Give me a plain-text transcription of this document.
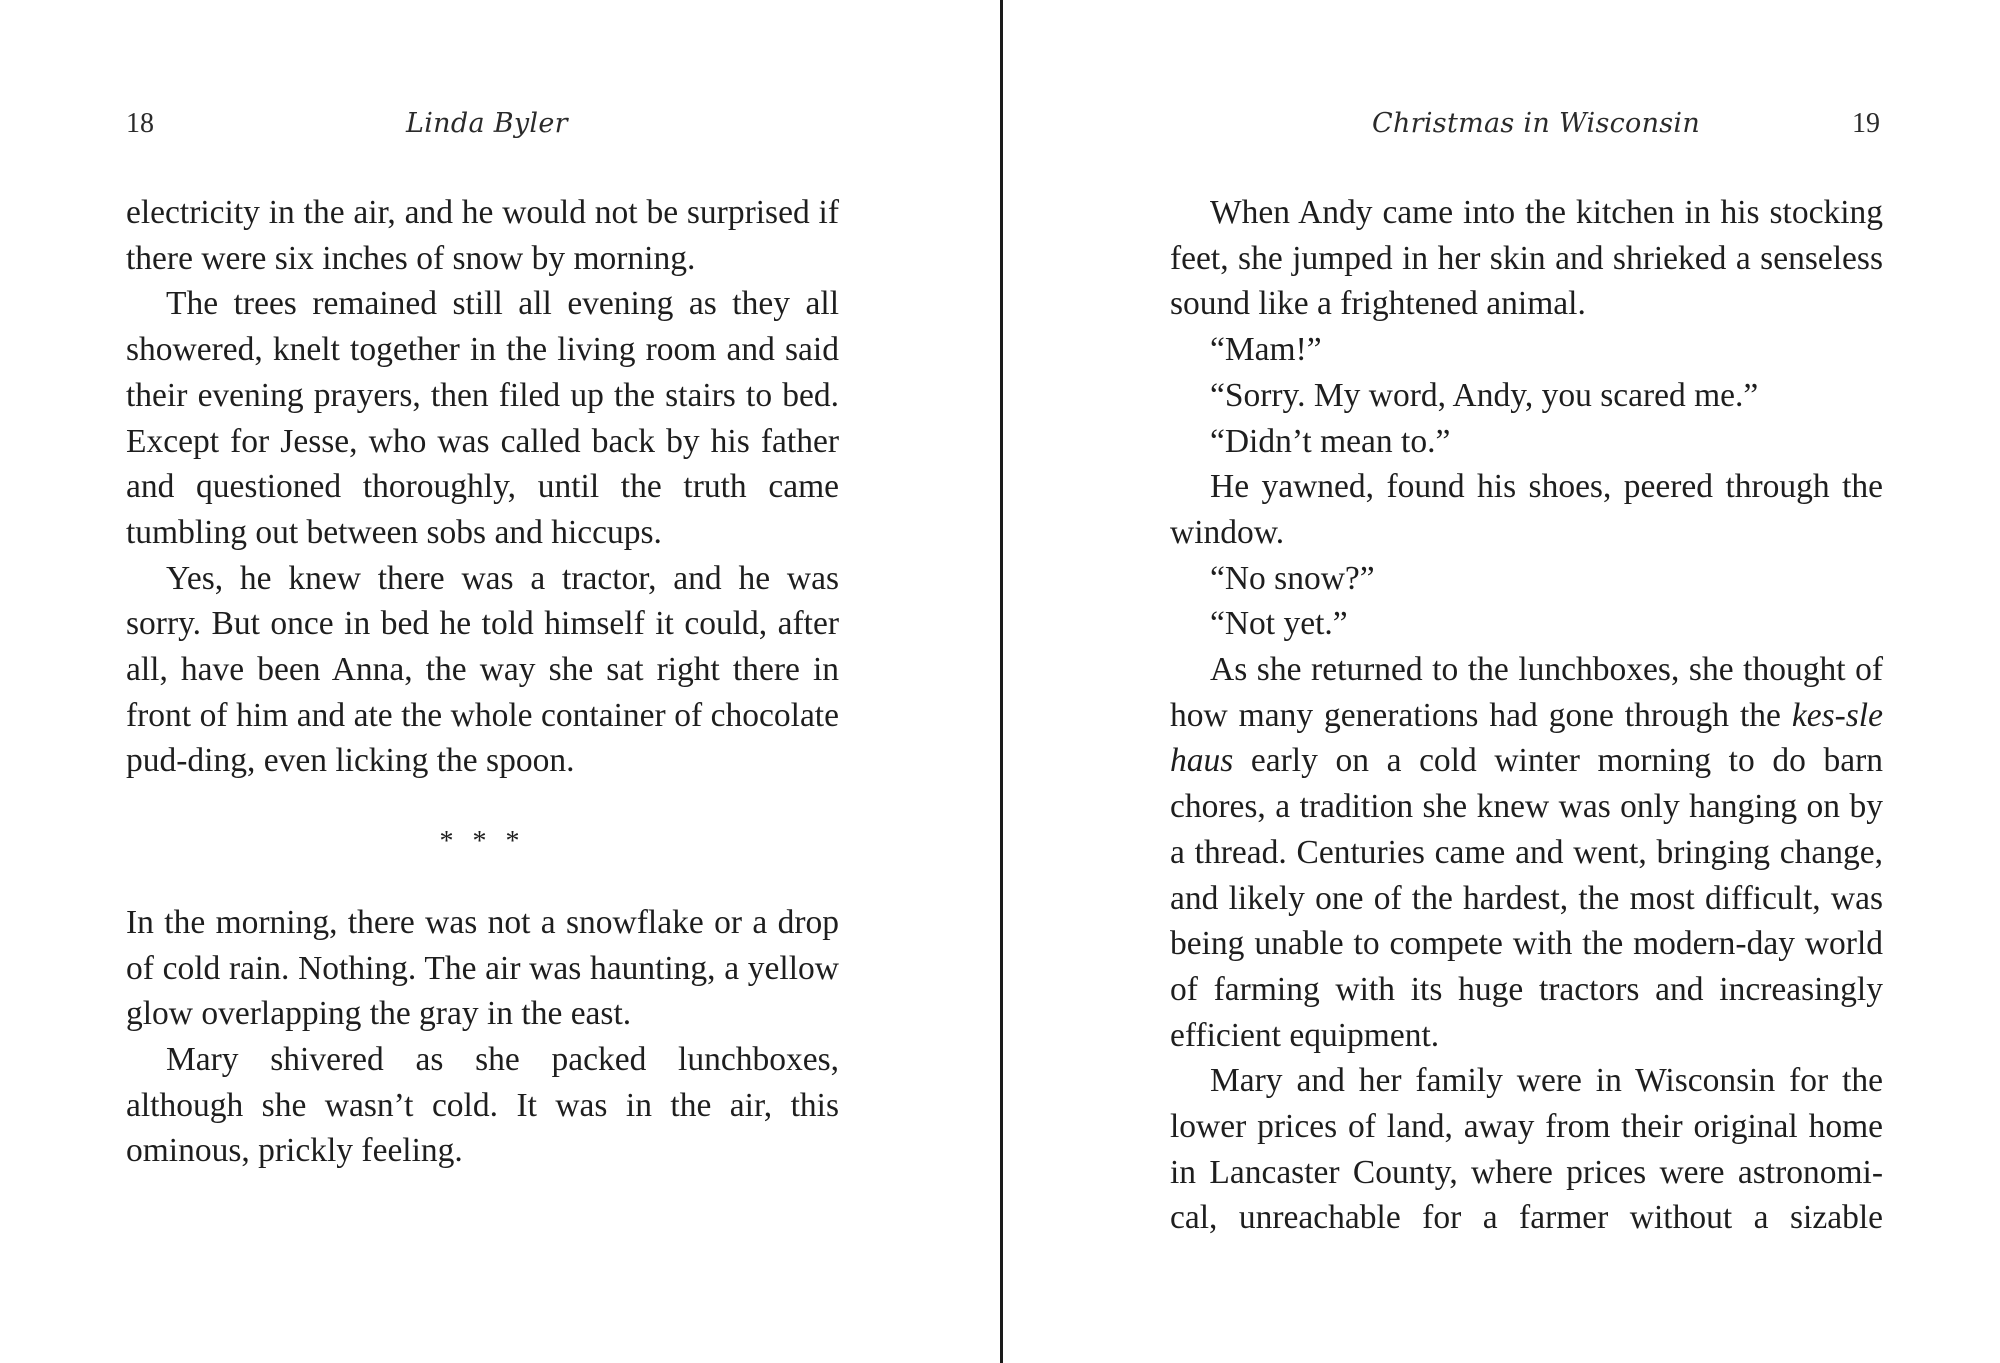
18	Linda Byler

electricity in the air, and he would not be surprised if there were six inches of snow by morning.

The trees remained still all evening as they all showered, knelt together in the living room and said their evening prayers, then filed up the stairs to bed. Except for Jesse, who was called back by his father and questioned thoroughly, until the truth came tumbling out between sobs and hiccups.

Yes, he knew there was a tractor, and he was sorry. But once in bed he told himself it could, after all, have been Anna, the way she sat right there in front of him and ate the whole container of chocolate pud-ding, even licking the spoon.

* * *

In the morning, there was not a snowflake or a drop of cold rain. Nothing. The air was haunting, a yellow glow overlapping the gray in the east.

Mary shivered as she packed lunchboxes, although she wasn’t cold. It was in the air, this ominous, prickly feeling.

Christmas in Wisconsin	19

When Andy came into the kitchen in his stocking feet, she jumped in her skin and shrieked a senseless sound like a frightened animal.

“Mam!”

“Sorry. My word, Andy, you scared me.”

“Didn’t mean to.”

He yawned, found his shoes, peered through the window.

“No snow?”

“Not yet.”

As she returned to the lunchboxes, she thought of how many generations had gone through the kes-sle haus early on a cold winter morning to do barn chores, a tradition she knew was only hanging on by a thread. Centuries came and went, bringing change, and likely one of the hardest, the most difficult, was being unable to compete with the modern-day world of farming with its huge tractors and increasingly efficient equipment.

Mary and her family were in Wisconsin for the lower prices of land, away from their original home in Lancaster County, where prices were astronomi-cal, unreachable for a farmer without a sizable
